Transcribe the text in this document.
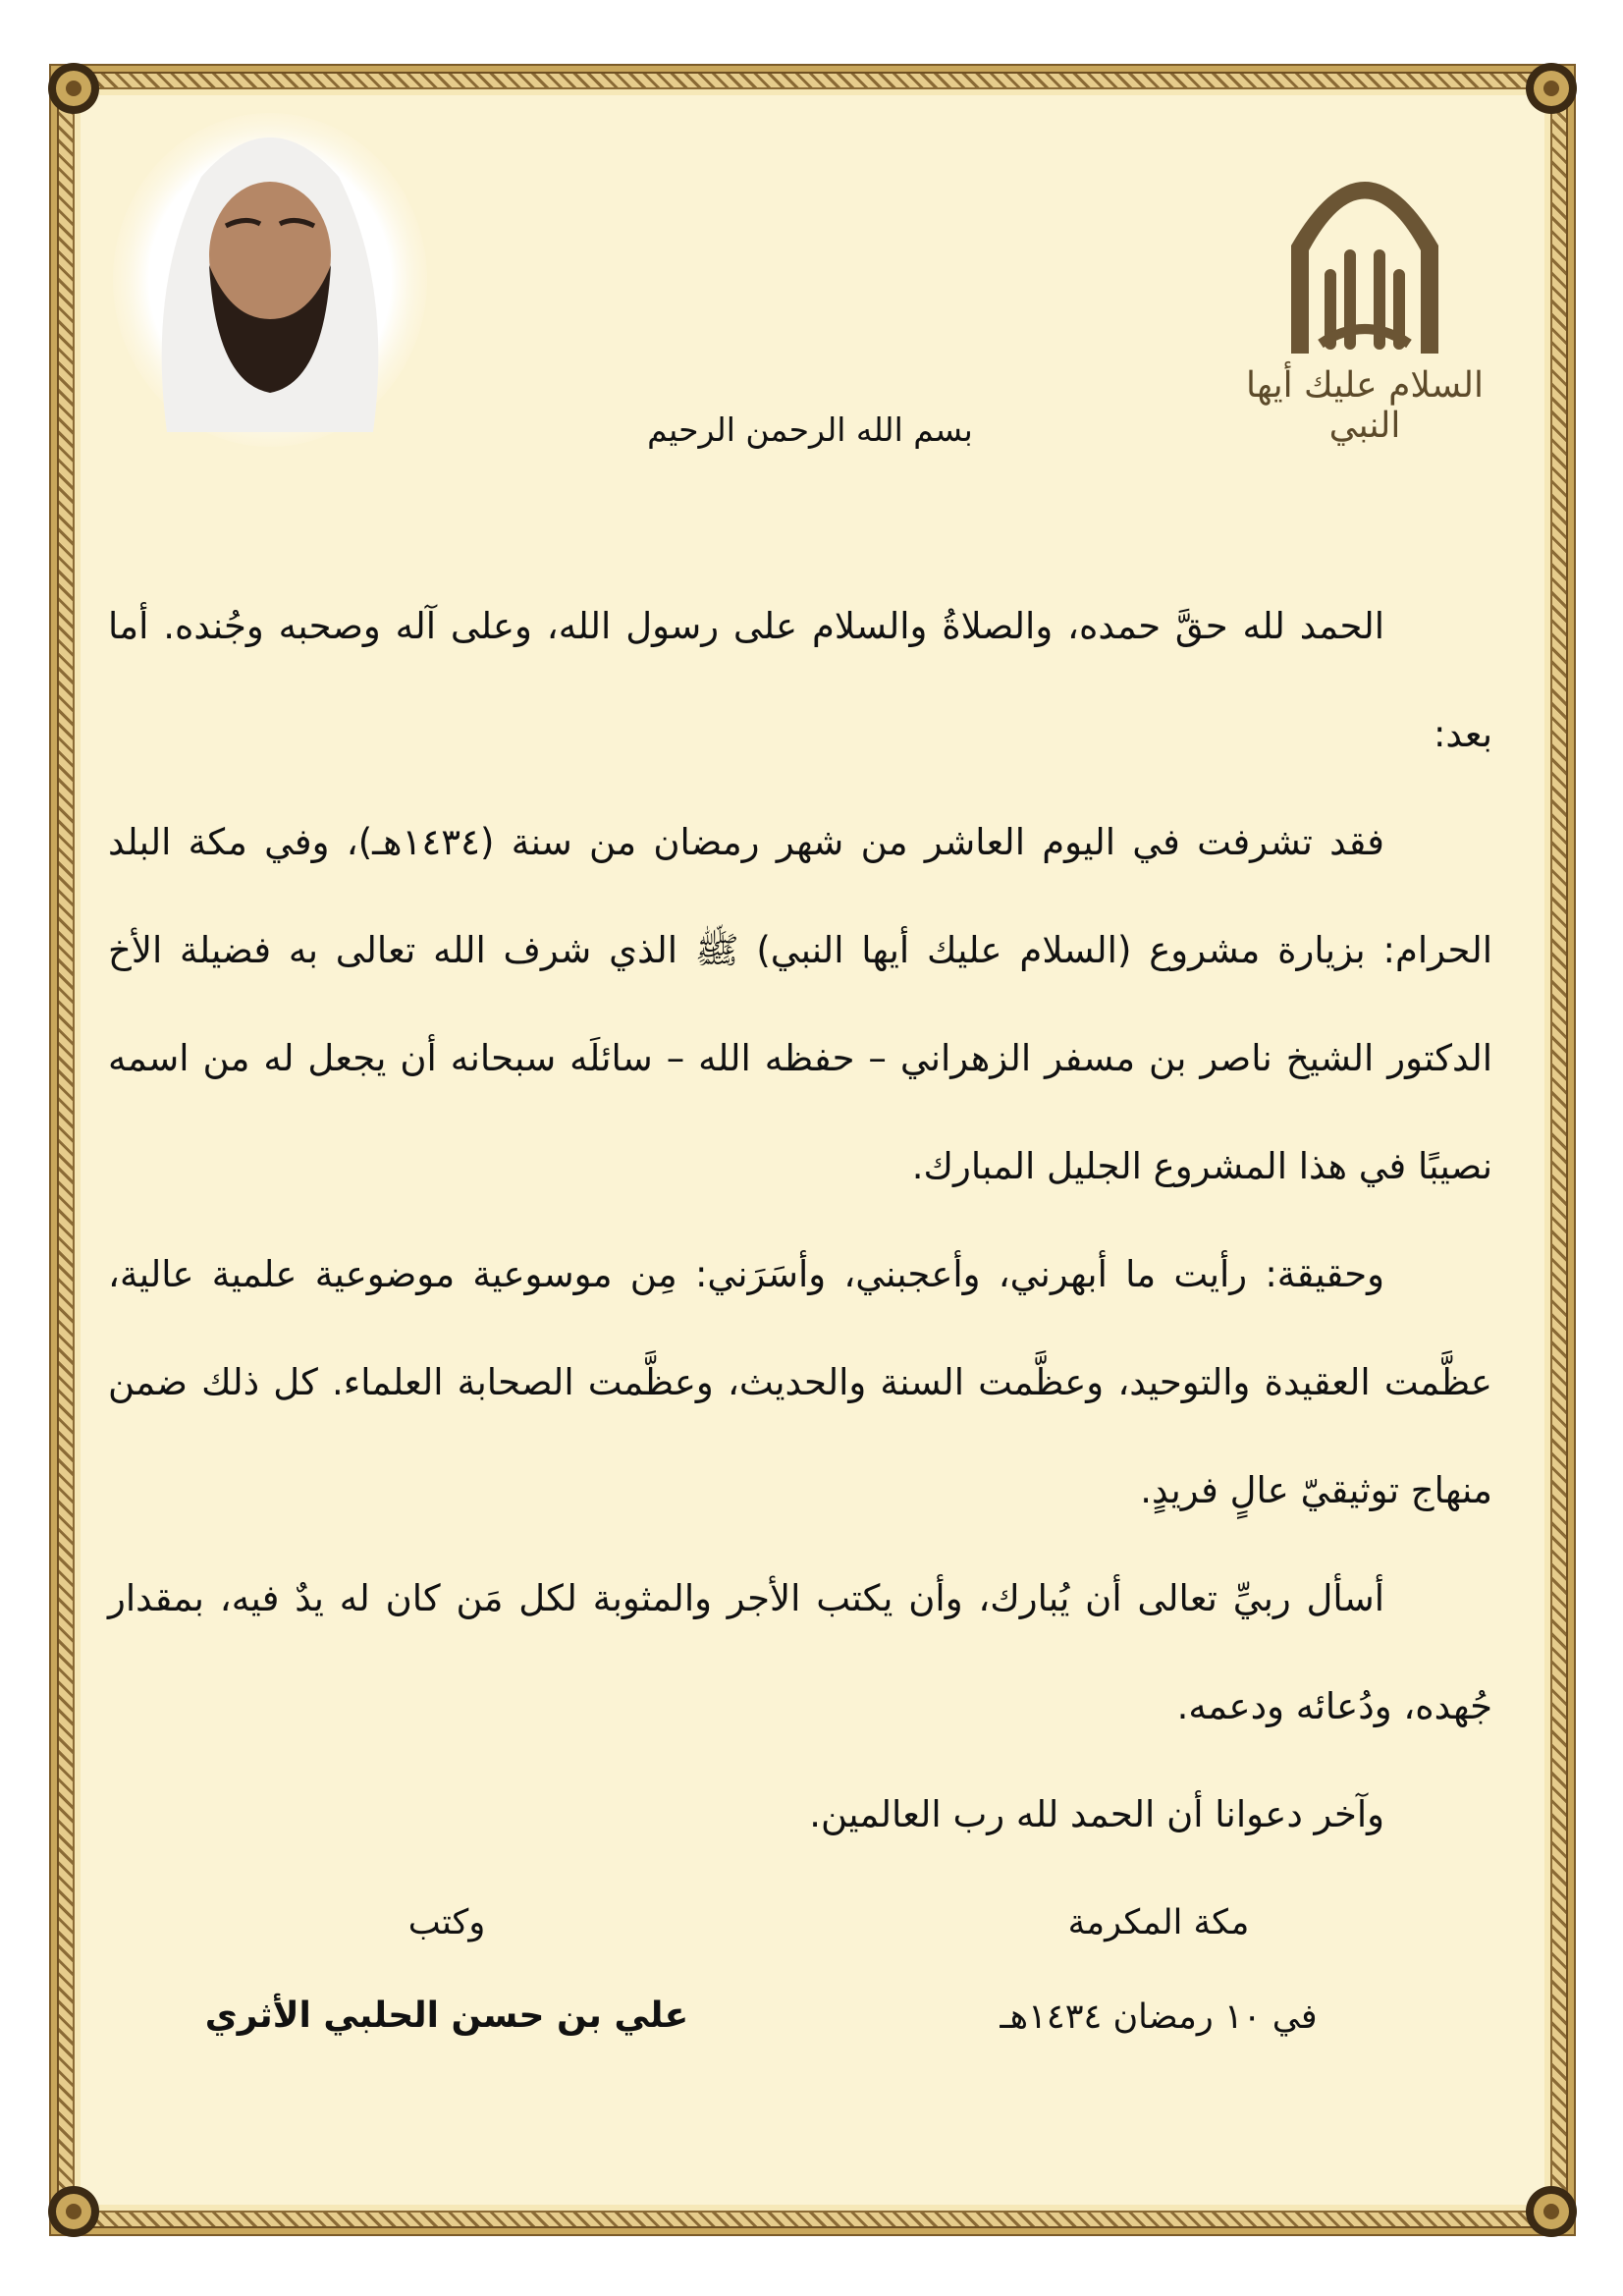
السلام عليك أيها النبي
بسم الله الرحمن الرحيم

الحمد لله حقَّ حمده، والصلاةُ والسلام على رسول الله، وعلى آله وصحبه وجُنده. أما بعد:

فقد تشرفت في اليوم العاشر من شهر رمضان من سنة (١٤٣٤هـ)، وفي مكة البلد الحرام: بزيارة مشروع (السلام عليك أيها النبي) ﷺ الذي شرف الله تعالى به فضيلة الأخ الدكتور الشيخ ناصر بن مسفر الزهراني – حفظه الله – سائلَه سبحانه أن يجعل له من اسمه نصيبًا في هذا المشروع الجليل المبارك.

وحقيقة: رأيت ما أبهرني، وأعجبني، وأسَرَني: مِن موسوعية موضوعية علمية عالية، عظَّمت العقيدة والتوحيد، وعظَّمت السنة والحديث، وعظَّمت الصحابة العلماء. كل ذلك ضمن منهاج توثيقيّ عالٍ فريدٍ.

أسأل ربيِّ تعالى أن يُبارك، وأن يكتب الأجر والمثوبة لكل مَن كان له يدٌ فيه، بمقدار جُهده، ودُعائه ودعمه.

وآخر دعوانا أن الحمد لله رب العالمين.

مكة المكرمة
في ١٠ رمضان ١٤٣٤هـ
وكتب
علي بن حسن الحلبي الأثري
